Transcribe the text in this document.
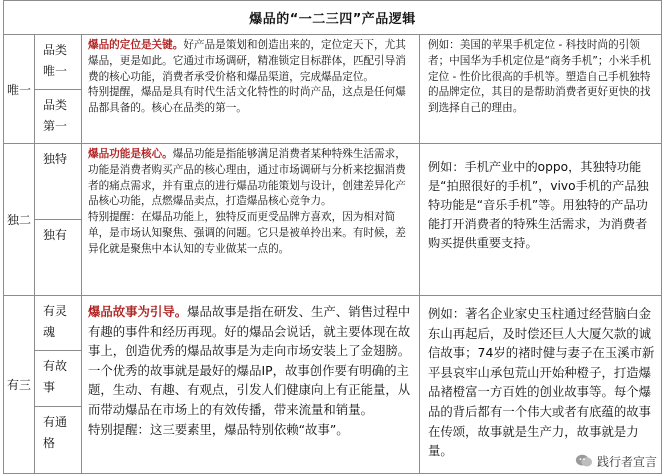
爆品的“一二三四”产品逻辑			
唯一	品类唯一	爆品的定位是关键。好产品是策划和创造出来的，定位定天下，尤其爆品，更是如此。它通过市场调研，精准锁定目标群体，匹配引导消费的核心功能，消费者承受价格和爆品渠道，完成爆品定位。
特别提醒，爆品是具有时代生活文化特性的时尚产品，这点是任何爆品都具备的。核心在品类的第一。	例如：美国的苹果手机定位 - 科技时尚的引领者；中国华为手机定位是“商务手机”；小米手机定位 - 性价比很高的手机等。塑造自己手机独特的品牌定位，其目的是帮助消费者更好更快的找到选择自己的理由。
	品类第一		
独二	独特	爆品功能是核心。爆品功能是指能够满足消费者某种特殊生活需求，功能是消费者购买产品的核心理由，通过市场调研与分析来挖掘消费者的痛点需求，并有重点的进行爆品功能策划与设计，创建差异化产品核心功能，点燃爆品卖点，打造爆品核心竞争力。
特别提醒：在爆品功能上，独特反而更受品牌方喜欢，因为相对简单，是市场认知聚焦、强调的问题。它只是被单拎出来。有时候，差异化就是聚焦中本认知的专业做某一点的。	例如：手机产业中的oppo，其独特功能是“拍照很好的手机”，vivo手机的产品独特功能是“音乐手机”等。用独特的产品功能打开消费者的特殊生活需求，为消费者购买提供重要支持。
	独有		
有三	有灵魂	爆品故事为引导。爆品故事是指在研发、生产、销售过程中有趣的事件和经历再现。好的爆品会说话，就主要体现在故事上，创造优秀的爆品故事是为走向市场安装上了金翅膀。一个优秀的故事就是最好的爆品IP，故事创作要有明确的主题，生动、有趣、有观点，引发人们健康向上有正能量，从而带动爆品在市场上的有效传播，带来流量和销量。
特别提醒：这三要素里，爆品特别依赖“故事”。	例如：著名企业家史玉柱通过经营脑白金东山再起后，及时偿还巨人大厦欠款的诚信故事；74岁的褚时健与妻子在玉溪市新平县哀牢山承包荒山开始种橙子，打造爆品褚橙富一方百姓的创业故事等。每个爆品的背后都有一个伟大或者有底蕴的故事在传颂，故事就是生产力，故事就是力量。
	有故事		
	有通格		
践行者宣言
